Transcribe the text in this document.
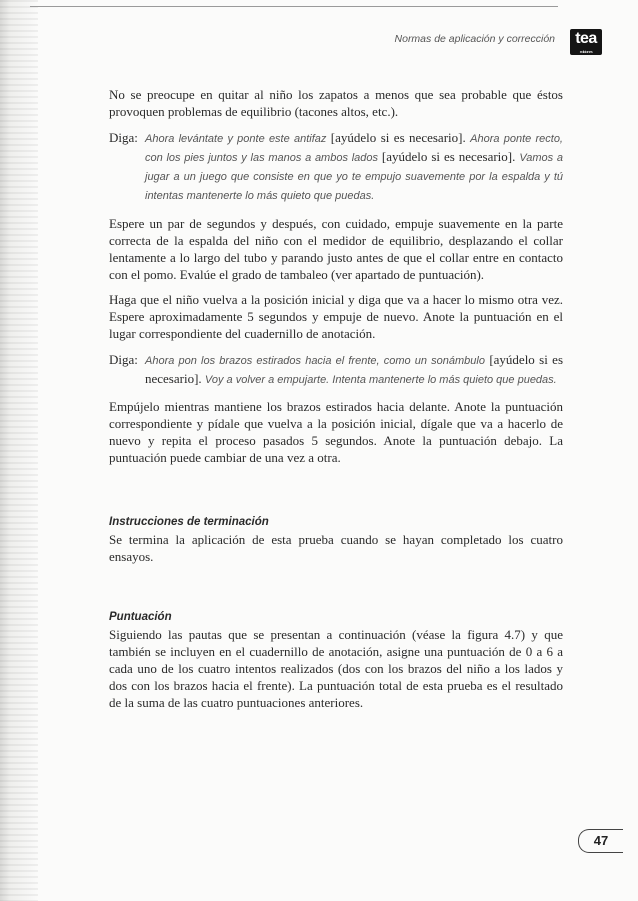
Normas de aplicación y corrección	tea
ediciones

No se preocupe en quitar al niño los zapatos a menos que sea probable que éstos provoquen problemas de equilibrio (tacones altos, etc.).

Diga: Ahora levántate y ponte este antifaz [ayúdelo si es necesario]. Ahora ponte recto, con los pies juntos y las manos a ambos lados [ayúdelo si es necesario]. Vamos a jugar a un juego que consiste en que yo te empujo suavemente por la espalda y tú intentas mantenerte lo más quieto que puedas.

Espere un par de segundos y después, con cuidado, empuje suavemente en la parte correcta de la espalda del niño con el medidor de equilibrio, desplazando el collar lentamente a lo largo del tubo y parando justo antes de que el collar entre en contacto con el pomo. Evalúe el grado de tambaleo (ver apartado de puntuación).

Haga que el niño vuelva a la posición inicial y diga que va a hacer lo mismo otra vez. Espere aproximadamente 5 segundos y empuje de nuevo. Anote la puntuación en el lugar correspondiente del cuadernillo de anotación.

Diga: Ahora pon los brazos estirados hacia el frente, como un sonámbulo [ayúdelo si es necesario]. Voy a volver a empujarte. Intenta mantenerte lo más quieto que puedas.

Empújelo mientras mantiene los brazos estirados hacia delante. Anote la puntuación correspondiente y pídale que vuelva a la posición inicial, dígale que va a hacerlo de nuevo y repita el proceso pasados 5 segundos. Anote la puntuación debajo. La puntuación puede cambiar de una vez a otra.

Instrucciones de terminación

Se termina la aplicación de esta prueba cuando se hayan completado los cuatro ensayos.

Puntuación

Siguiendo las pautas que se presentan a continuación (véase la figura 4.7) y que también se incluyen en el cuadernillo de anotación, asigne una puntuación de 0 a 6 a cada uno de los cuatro intentos realizados (dos con los brazos del niño a los lados y dos con los brazos hacia el frente). La puntuación total de esta prueba es el resultado de la suma de las cuatro puntuaciones anteriores.

47
